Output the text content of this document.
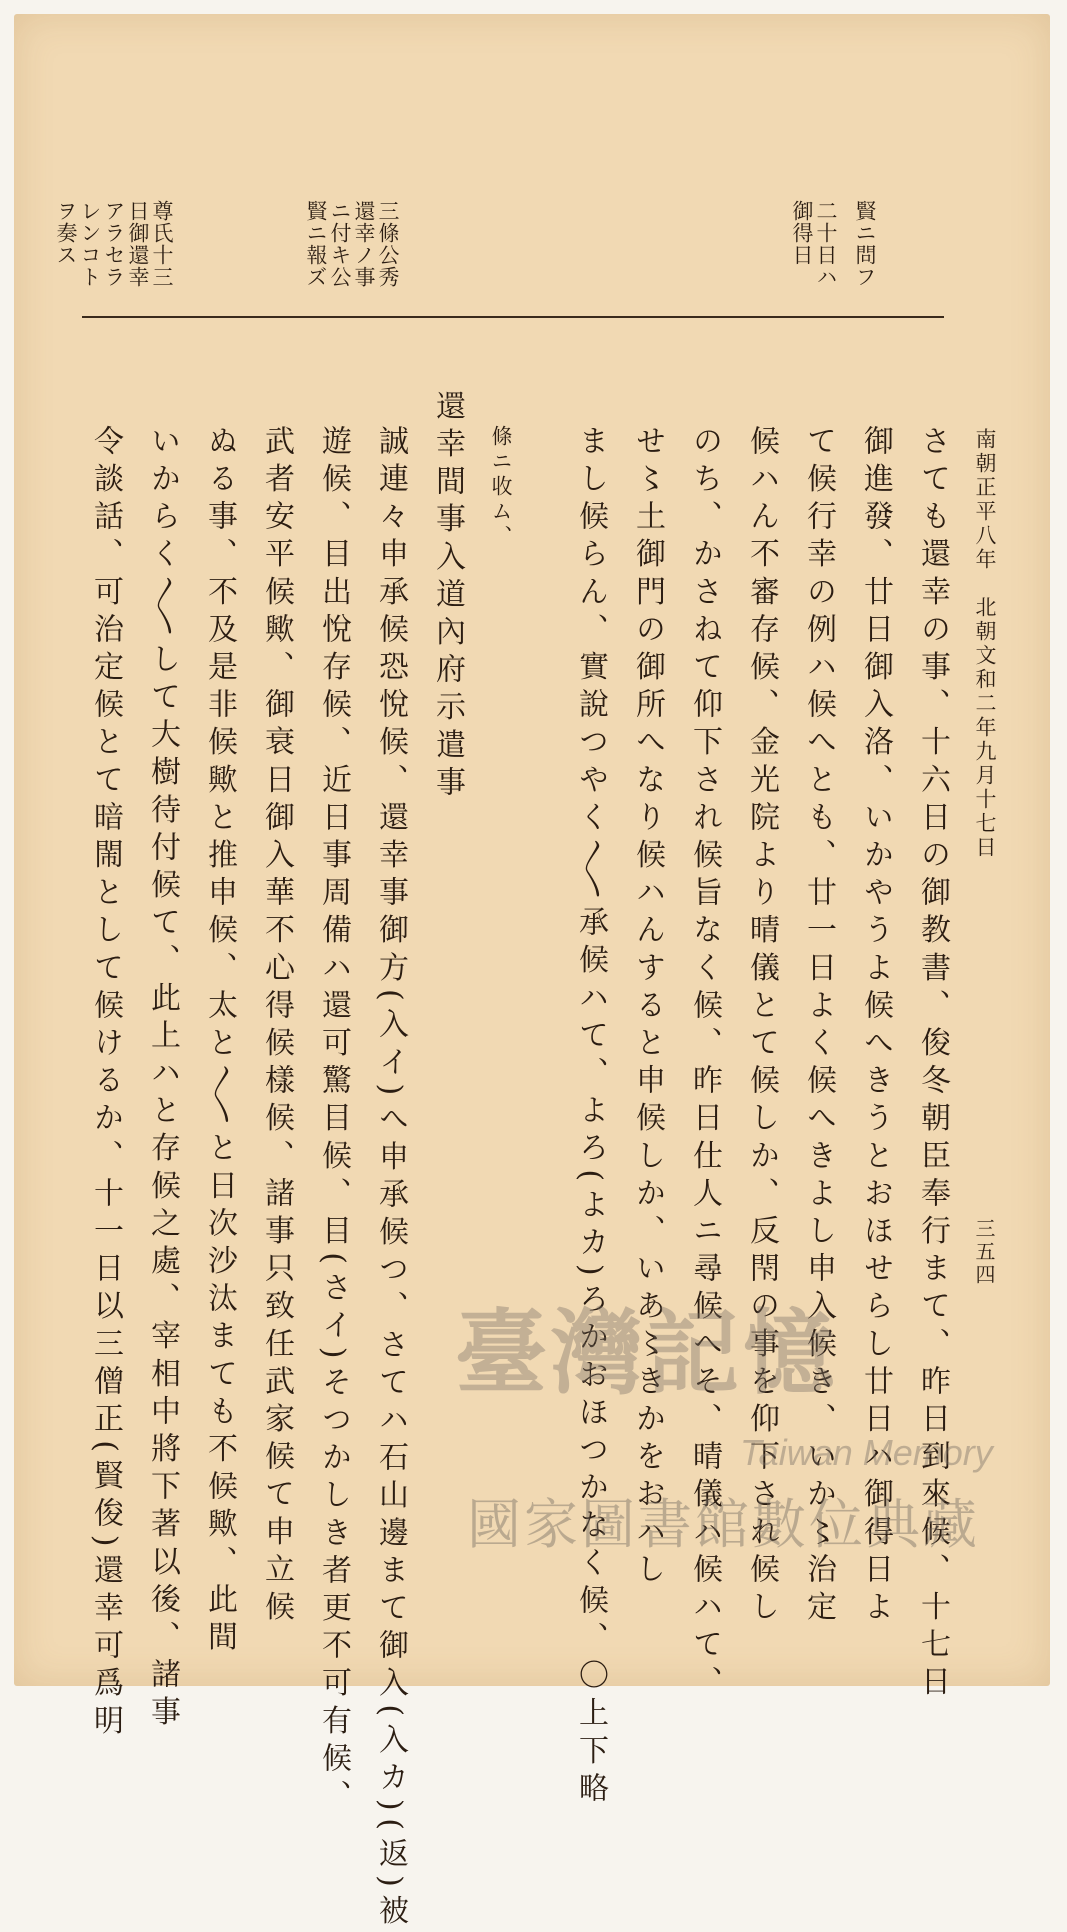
三五四
賢ニ問フ
二十日ハ御得日
三條公秀還幸ノ事ニ付キ公賢ニ報ズ
尊氏十三日御還幸アラセラレンコトヲ奏ス
南朝正平八年　北朝文和二年九月十七日
さても還幸の事、十六日の御教書、俊冬朝臣奉行まて、昨日到來候、十七日
御進發、廿日御入洛、いかやうよ候へきうとおほせらし廿日ハ御得日よ
て候行幸の例ハ候へとも、廿一日よく候へきよし申入候き、いか〻治定
候ハん不審存候、金光院より晴儀とて候しか、反閇の事を仰下され候し
のち、かさねて仰下され候旨なく候、昨日仕人ニ尋候へそ、晴儀ハ候ハて、
せ〻土御門の御所へなり候ハんすると申候しか、いあ〻きかをおハし
まし候らん、實說つやく〳〵承候ハて、よろ(よカ)ろかおほつかなく候、〇上下略
條ニ收ム、
還幸間事入道內府示遣事
誠連々申承候恐悅候、還幸事御方(入イ)へ申承候つ、さてハ石山邊まて御入(入カ)(返)被
遊候、目出悅存候、近日事周備ハ還可驚目候、目(さイ)そつかしき者更不可有候、
武者安平候歟、御衰日御入華不心得候樣候、諸事只致任武家候て申立候
ぬる事、不及是非候歟と推申候、太と〳〵と日次沙汰まても不候歟、此間
いからく〳〵して大樹待付候て、此上ハと存候之處、宰相中將下著以後、諸事
令談話、可治定候とて暗閙として候けるか、十一日以三僧正(賢俊)還幸可爲明	臺灣記憶
Taiwan Memory
國家圖書館數位典藏
